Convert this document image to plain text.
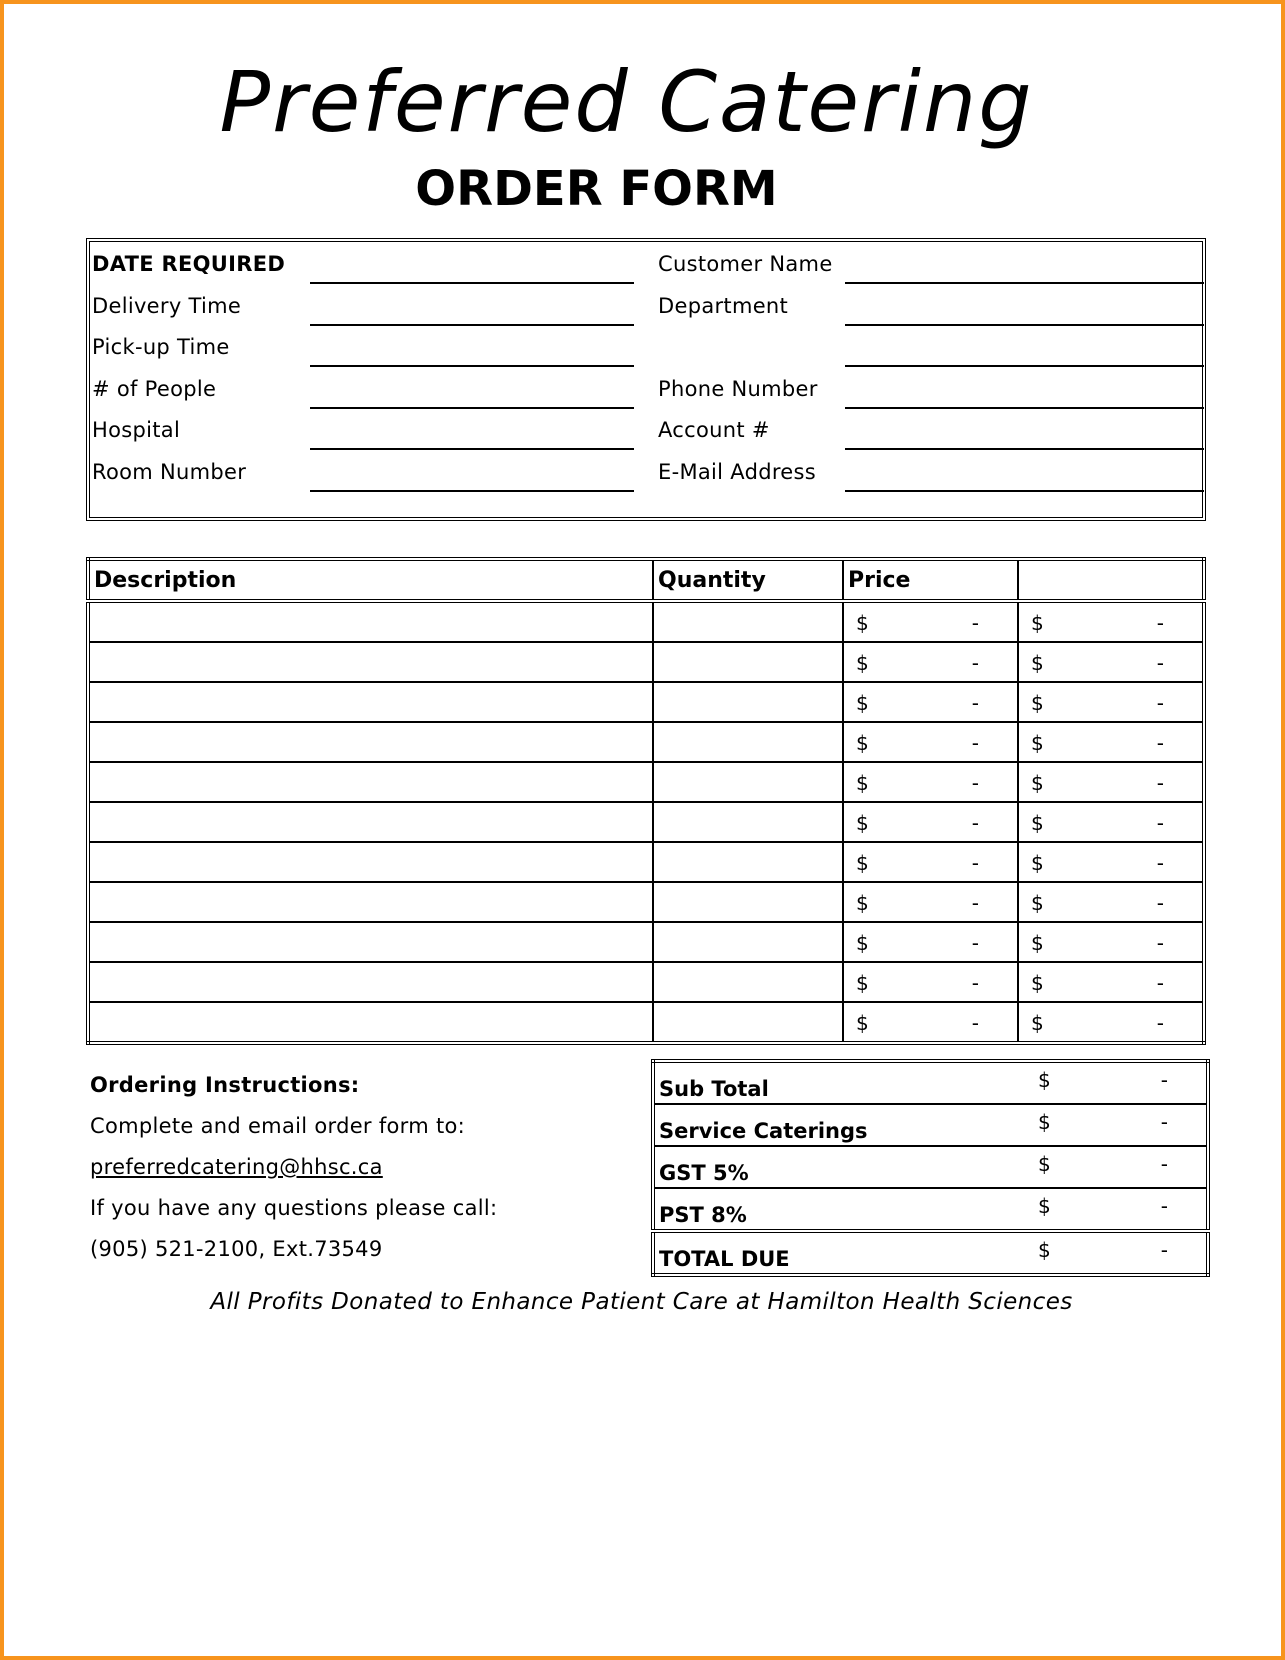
Preferred Catering
ORDER FORM
DATE REQUIRED	Customer Name
Delivery Time	Department
Pick-up Time
# of People	Phone Number
Hospital	Account #
Room Number	E-Mail Address
Description	Quantity	Price	

		$ -	$ -

		$ -	$ -

		$ -	$ -

		$ -	$ -

		$ -	$ -

		$ -	$ -

		$ -	$ -

		$ -	$ -

		$ -	$ -

		$ -	$ -

		$ -	$ -
Ordering Instructions:
Complete and email order form to:
preferredcatering@hhsc.ca
If you have any questions please call:
(905) 521-2100, Ext.73549
Sub Total	$ -

Service Caterings	$ -

GST 5%	$ -

PST 8%	$ -

TOTAL DUE	$ -
All Profits Donated to Enhance Patient Care at Hamilton Health Sciences
